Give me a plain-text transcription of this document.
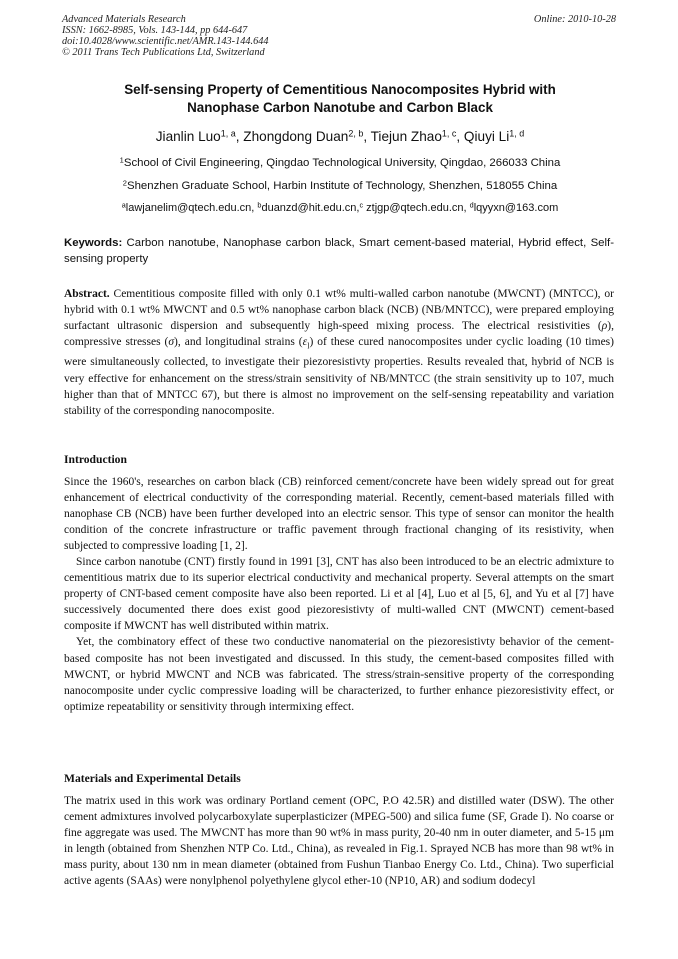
Advanced Materials Research
ISSN: 1662-8985, Vols. 143-144, pp 644-647
doi:10.4028/www.scientific.net/AMR.143-144.644
© 2011 Trans Tech Publications Ltd, Switzerland
Online: 2010-10-28
Self-sensing Property of Cementitious Nanocomposites Hybrid with
Nanophase Carbon Nanotube and Carbon Black
Jianlin Luo$^{1, a}$, Zhongdong Duan$^{2, b}$, Tiejun Zhao$^{1, c}$, Qiuyi Li$^{1, d}$
$^1$School of Civil Engineering, Qingdao Technological University, Qingdao, 266033 China
$^2$Shenzhen Graduate School, Harbin Institute of Technology, Shenzhen, 518055 China
$^a$lawjanelim@qtech.edu.cn, $^b$duanzd@hit.edu.cn,$^c$ ztjgp@qtech.edu.cn, $^d$lqyyxn@163.com
Keywords: Carbon nanotube, Nanophase carbon black, Smart cement-based material, Hybrid effect, Self-sensing property
Abstract. Cementitious composite filled with only 0.1 wt% multi-walled carbon nanotube (MWCNT) (MNTCC), or hybrid with 0.1 wt% MWCNT and 0.5 wt% nanophase carbon black (NCB) (NB/MNTCC), were prepared employing surfactant ultrasonic dispersion and subsequently high-speed mixing process. The electrical resistivities (ρ), compressive stresses (σ), and longitudinal strains $(\varepsilon_l)$ of these cured nanocomposites under cyclic loading (10 times) were simultaneously collected, to investigate their piezoresistivty properties. Results revealed that, hybrid of NCB is very effective for enhancement on the stress/strain sensitivity of NB/MNTCC (the strain sensitivity up to 107, much higher than that of MNTCC 67), but there is almost no improvement on the self-sensing repeatability and variation stability of the corresponding nanocomposite.
Introduction

Since the 1960's, researches on carbon black (CB) reinforced cement/concrete have been widely spread out for great enhancement of electrical conductivity of the corresponding material. Recently, cement-based materials filled with nanophase CB (NCB) have been further developed into an electric sensor. This type of sensor can monitor the health condition of the concrete infrastructure or traffic pavement through fractional changing of its resistivity, when subjected to compressive loading [1, 2].

Since carbon nanotube (CNT) firstly found in 1991 [3], CNT has also been introduced to be an electric admixture to cementitious matrix due to its superior electrical conductivity and mechanical property. Several attempts on the smart property of CNT-based cement composite have also been reported. Li et al [4], Luo et al [5, 6], and Yu et al [7] have successively documented there does exist good piezoresistivty of multi-walled CNT (MWCNT) cement-based composite if MWCNT has well distributed within matrix.

Yet, the combinatory effect of these two conductive nanomaterial on the piezoresistivty behavior of the cement-based composite has not been investigated and discussed. In this study, the cement-based composites filled with MWCNT, or hybrid MWCNT and NCB was fabricated. The stress/strain-sensitive property of the corresponding nanocomposite under cyclic compressive loading will be characterized, to further enhance piezoresistivity effect, or optimize repeatability or sensitivity through intermixing effect.

Materials and Experimental Details

The matrix used in this work was ordinary Portland cement (OPC, P.O 42.5R) and distilled water (DSW). The other cement admixtures involved polycarboxylate superplasticizer (MPEG-500) and silica fume (SF, Grade I). No coarse or fine aggregate was used. The MWCNT has more than 90 wt% in mass purity, 20-40 nm in outer diameter, and 5-15 μm in length (obtained from Shenzhen NTP Co. Ltd., China), as revealed in Fig.1. Sprayed NCB has more than 98 wt% in mass purity, about 130 nm in mean diameter (obtained from Fushun Tianbao Energy Co. Ltd., China). Two superficial active agents (SAAs) were nonylphenol polyethylene glycol ether-10 (NP10, AR) and sodium dodecyl
